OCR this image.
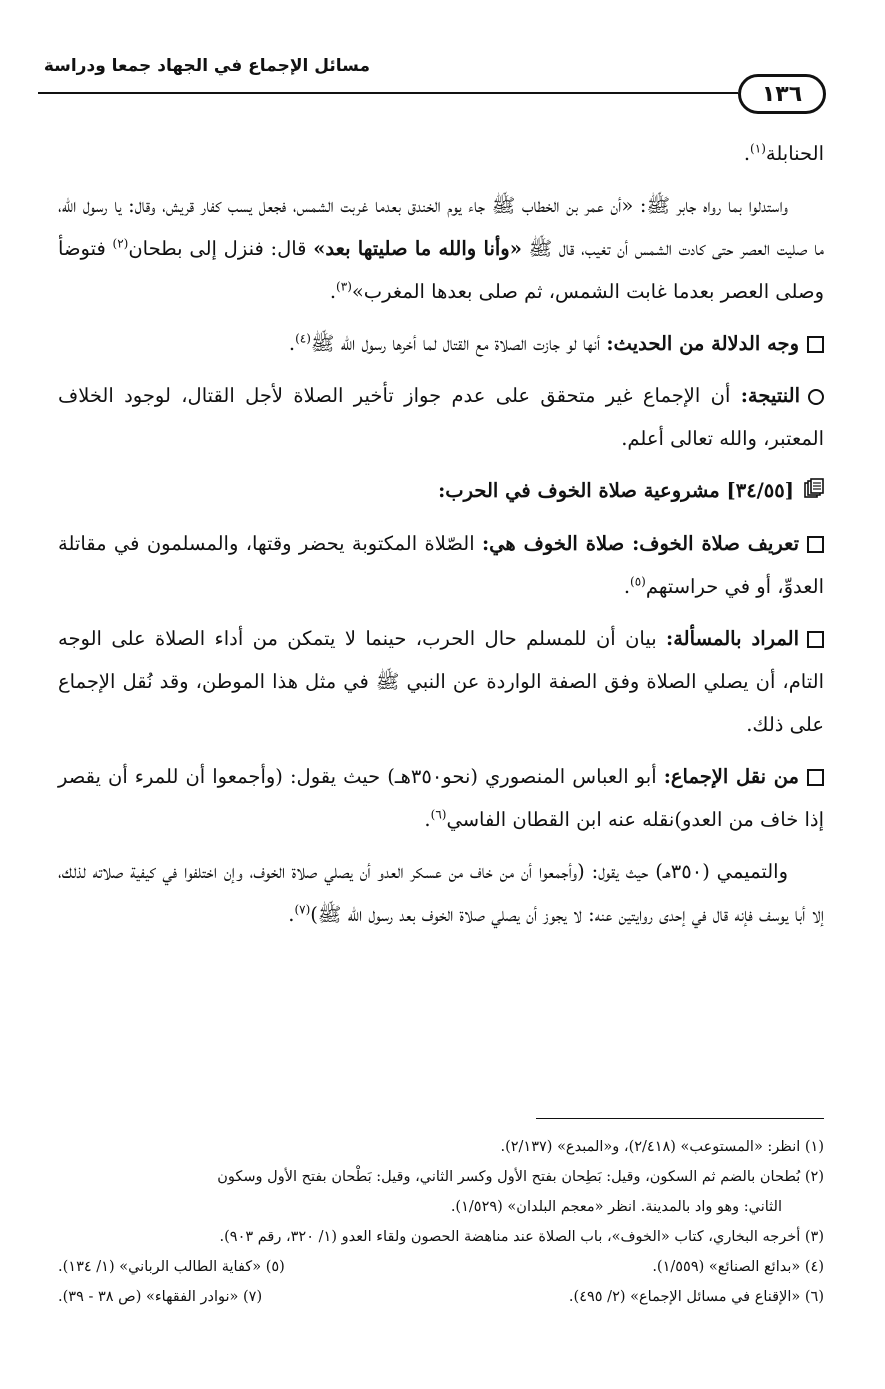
مسائل الإجماع في الجهاد جمعا ودراسة
١٣٦

الحنابلة$^{(١)}$.

واستدلوا بما رواه جابر ﷺ: «أن عمر بن الخطاب ﷺ جاء يوم الخندق بعدما غربت الشمس، فجعل يسب كفار قريش، وقال: يا رسول الله، ما صليت العصر حتى كادت الشمس أن تغيب، قال ﷺ «وأنا والله ما صليتها بعد» قال: فنزل إلى بطحان$^{(٢)}$ فتوضأ وصلى العصر بعدما غابت الشمس، ثم صلى بعدها المغرب»$^{(٣)}$.

وجه الدلالة من الحديث: أنها لو جازت الصلاة مع القتال لما أخرها رسول الله ﷺ$^{(٤)}$.

النتيجة: أن الإجماع غير متحقق على عدم جواز تأخير الصلاة لأجل القتال، لوجود الخلاف المعتبر، والله تعالى أعلم.

[٣٤/٥٥] مشروعية صلاة الخوف في الحرب:

تعريف صلاة الخوف: صلاة الخوف هي: الصّلاة المكتوبة يحضر وقتها، والمسلمون في مقاتلة العدوِّ، أو في حراستهم$^{(٥)}$.

المراد بالمسألة: بيان أن للمسلم حال الحرب، حينما لا يتمكن من أداء الصلاة على الوجه التام، أن يصلي الصلاة وفق الصفة الواردة عن النبي ﷺ في مثل هذا الموطن، وقد نُقل الإجماع على ذلك.

من نقل الإجماع: أبو العباس المنصوري (نحو٣٥٠هـ) حيث يقول: (وأجمعوا أن للمرء أن يقصر إذا خاف من العدو)نقله عنه ابن القطان الفاسي$^{(٦)}$.

والتميمي (٣٥٠هـ) حيث يقول: (وأجمعوا أن من خاف من عسكر العدو أن يصلي صلاة الخوف، وإن اختلفوا في كيفية صلاته لذلك، إلا أبا يوسف فإنه قال في إحدى روايتين عنه: لا يجوز أن يصلي صلاة الخوف بعد رسول الله ﷺ)$^{(٧)}$.

(١) انظر: «المستوعب» (٢/٤١٨)، و«المبدع» (٢/١٣٧).

(٢) بُطحان بالضم ثم السكون، وقيل: بَطِحان بفتح الأول وكسر الثاني، وقيل: بَطْحان بفتح الأول وسكون

الثاني: وهو واد بالمدينة. انظر «معجم البلدان» (١/٥٢٩).

(٣) أخرجه البخاري، كتاب «الخوف»، باب الصلاة عند مناهضة الحصون ولقاء العدو (١/ ٣٢٠، رقم ٩٠٣).

(٤) «بدائع الصنائع» (١/٥٥٩).
(٥) «كفاية الطالب الرباني» (١/ ١٣٤).
(٦) «الإقناع في مسائل الإجماع» (٢/ ٤٩٥).
(٧) «نوادر الفقهاء» (ص ٣٨ - ٣٩).
